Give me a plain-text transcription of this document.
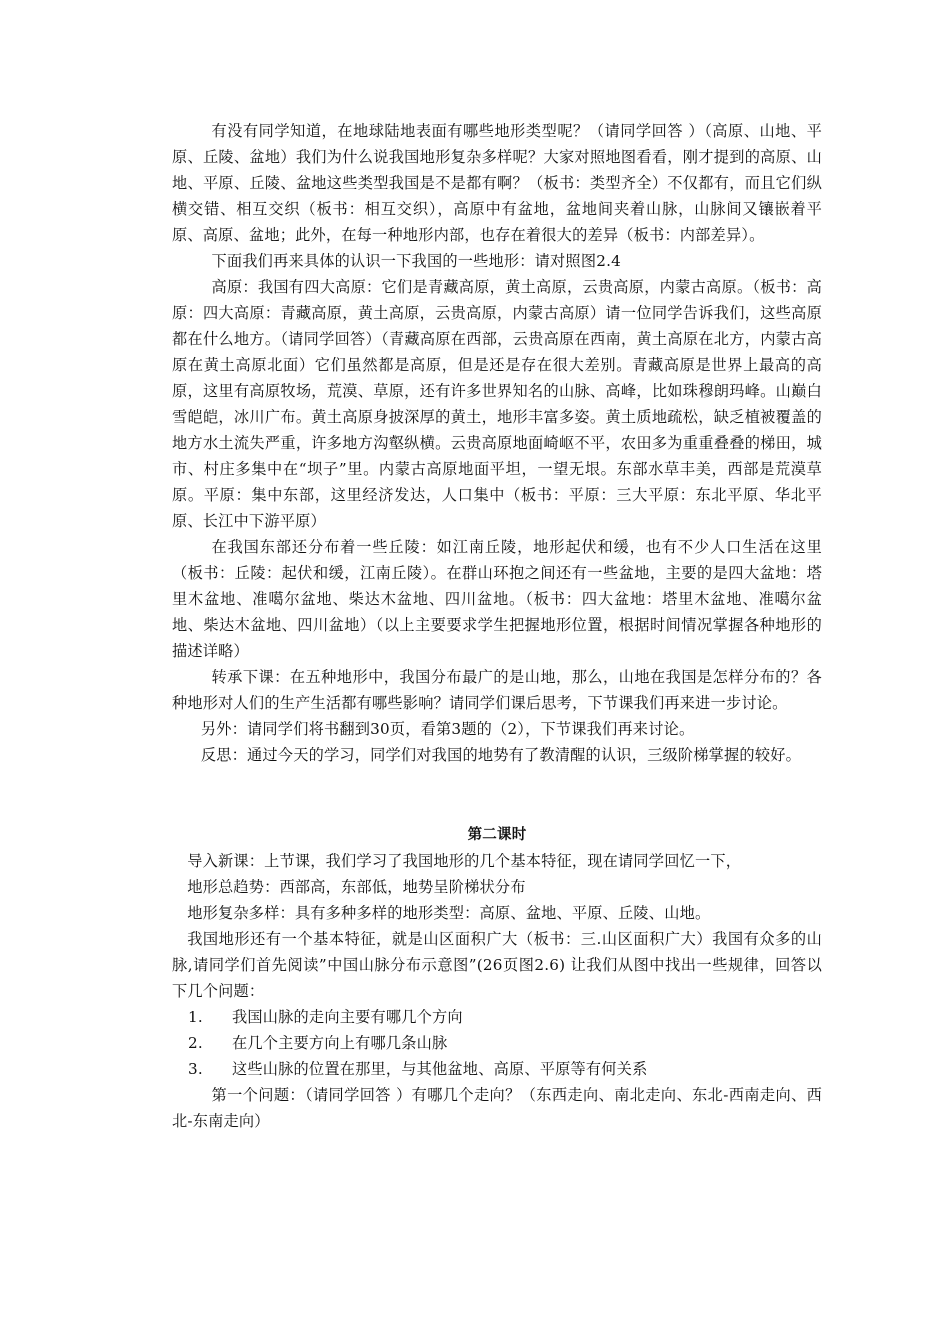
有没有同学知道，在地球陆地表面有哪些地形类型呢？（请同学回答 ）（高原、山地、平原、丘陵、盆地）我们为什么说我国地形复杂多样呢？大家对照地图看看，刚才提到的高原、山地、平原、丘陵、盆地这些类型我国是不是都有啊？（板书：类型齐全）不仅都有，而且它们纵横交错、相互交织（板书：相互交织），高原中有盆地，盆地间夹着山脉，山脉间又镶嵌着平原、高原、盆地；此外，在每一种地形内部，也存在着很大的差异（板书：内部差异）。

下面我们再来具体的认识一下我国的一些地形：请对照图2.4

高原：我国有四大高原：它们是青藏高原，黄土高原，云贵高原，内蒙古高原。（板书：高原：四大高原：青藏高原，黄土高原，云贵高原，内蒙古高原）请一位同学告诉我们，这些高原都在什么地方。（请同学回答）（青藏高原在西部，云贵高原在西南，黄土高原在北方，内蒙古高原在黄土高原北面）它们虽然都是高原，但是还是存在很大差别。青藏高原是世界上最高的高原，这里有高原牧场，荒漠、草原，还有许多世界知名的山脉、高峰，比如珠穆朗玛峰。山巅白雪皑皑，冰川广布。黄土高原身披深厚的黄土，地形丰富多姿。黄土质地疏松，缺乏植被覆盖的地方水土流失严重，许多地方沟壑纵横。云贵高原地面崎岖不平，农田多为重重叠叠的梯田，城市、村庄多集中在“坝子”里。内蒙古高原地面平坦，一望无垠。东部水草丰美，西部是荒漠草原。平原：集中东部，这里经济发达，人口集中（板书：平原：三大平原：东北平原、华北平原、长江中下游平原）

在我国东部还分布着一些丘陵：如江南丘陵，地形起伏和缓，也有不少人口生活在这里（板书：丘陵：起伏和缓，江南丘陵）。在群山环抱之间还有一些盆地，主要的是四大盆地：塔里木盆地、准噶尔盆地、柴达木盆地、四川盆地。（板书：四大盆地：塔里木盆地、准噶尔盆地、柴达木盆地、四川盆地）（以上主要要求学生把握地形位置，根据时间情况掌握各种地形的描述详略）

转承下课：在五种地形中，我国分布最广的是山地，那么，山地在我国是怎样分布的？各种地形对人们的生产生活都有哪些影响？请同学们课后思考，下节课我们再来进一步讨论。

另外：请同学们将书翻到30页，看第3题的（2），下节课我们再来讨论。

反思：通过今天的学习，同学们对我国的地势有了教清醒的认识，三级阶梯掌握的较好。

第二课时

导入新课：上节课，我们学习了我国地形的几个基本特征，现在请同学回忆一下，

地形总趋势：西部高，东部低，地势呈阶梯状分布

地形复杂多样：具有多种多样的地形类型：高原、盆地、平原、丘陵、山地。

我国地形还有一个基本特征，就是山区面积广大（板书：三.山区面积广大）我国有众多的山脉,请同学们首先阅读”中国山脉分布示意图”(26页图2.6) 让我们从图中找出一些规律，回答以下几个问题：

1.	我国山脉的走向主要有哪几个方向
2.	在几个主要方向上有哪几条山脉
3.	这些山脉的位置在那里，与其他盆地、高原、平原等有何关系

第一个问题：（请同学回答 ）有哪几个走向？（东西走向、南北走向、东北-西南走向、西北-东南走向）
